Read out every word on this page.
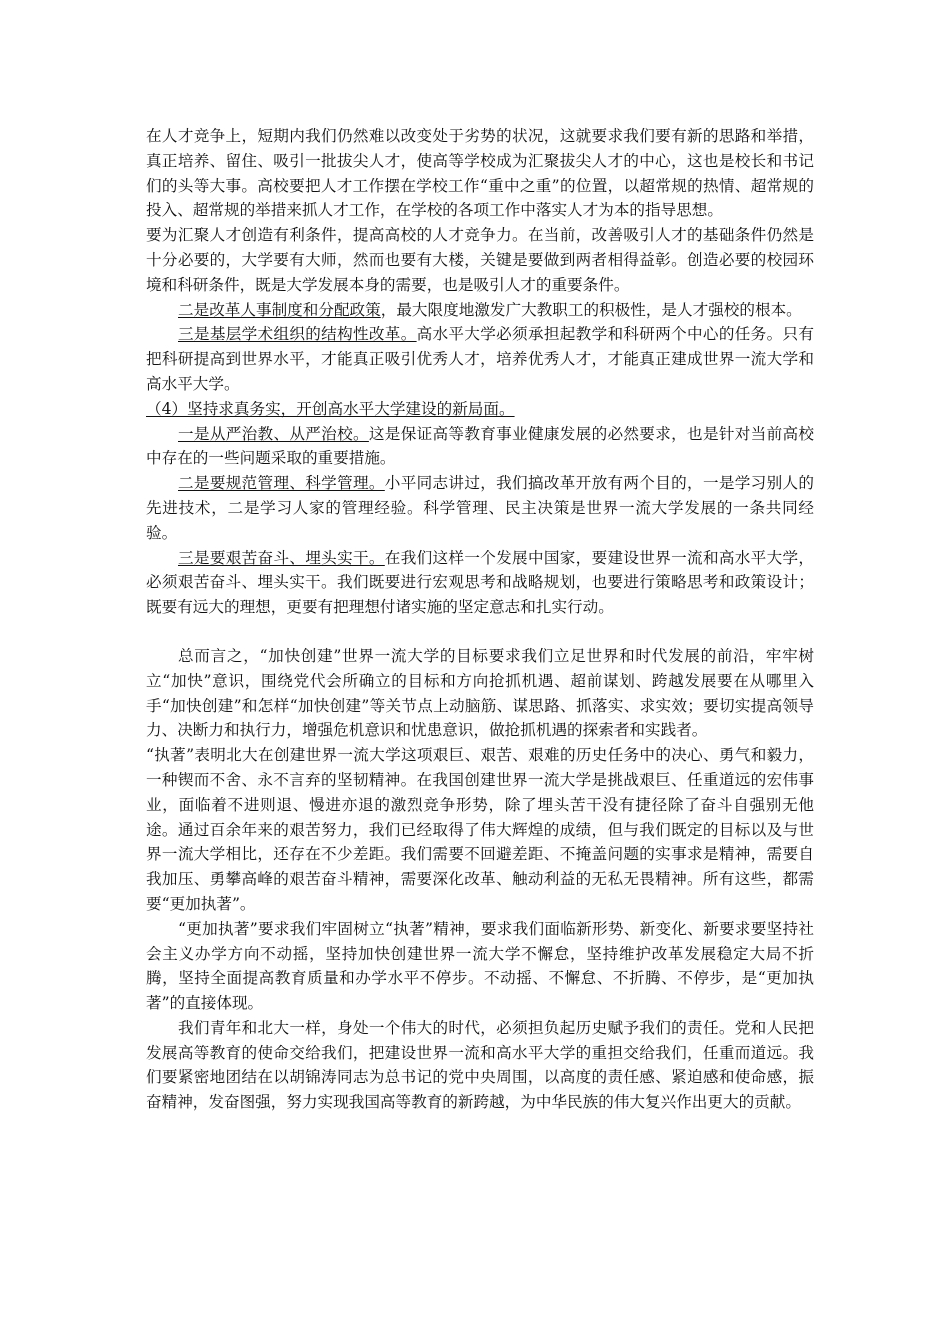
在人才竞争上，短期内我们仍然难以改变处于劣势的状况，这就要求我们要有新的思路和举措，真正培养、留住、吸引一批拔尖人才，使高等学校成为汇聚拔尖人才的中心，这也是校长和书记们的头等大事。高校要把人才工作摆在学校工作“重中之重”的位置，以超常规的热情、超常规的投入、超常规的举措来抓人才工作，在学校的各项工作中落实人才为本的指导思想。

要为汇聚人才创造有利条件，提高高校的人才竞争力。在当前，改善吸引人才的基础条件仍然是十分必要的，大学要有大师，然而也要有大楼，关键是要做到两者相得益彰。创造必要的校园环境和科研条件，既是大学发展本身的需要，也是吸引人才的重要条件。

二是改革人事制度和分配政策，最大限度地激发广大教职工的积极性，是人才强校的根本。

三是基层学术组织的结构性改革。高水平大学必须承担起教学和科研两个中心的任务。只有把科研提高到世界水平，才能真正吸引优秀人才，培养优秀人才，才能真正建成世界一流大学和高水平大学。

（4）坚持求真务实，开创高水平大学建设的新局面。

一是从严治教、从严治校。这是保证高等教育事业健康发展的必然要求，也是针对当前高校中存在的一些问题采取的重要措施。

二是要规范管理、科学管理。小平同志讲过，我们搞改革开放有两个目的，一是学习别人的先进技术，二是学习人家的管理经验。科学管理、民主决策是世界一流大学发展的一条共同经验。

三是要艰苦奋斗、埋头实干。在我们这样一个发展中国家，要建设世界一流和高水平大学，必须艰苦奋斗、埋头实干。我们既要进行宏观思考和战略规划，也要进行策略思考和政策设计；既要有远大的理想，更要有把理想付诸实施的坚定意志和扎实行动。

总而言之，“加快创建”世界一流大学的目标要求我们立足世界和时代发展的前沿，牢牢树立“加快”意识，围绕党代会所确立的目标和方向抢抓机遇、超前谋划、跨越发展要在从哪里入手“加快创建”和怎样“加快创建”等关节点上动脑筋、谋思路、抓落实、求实效；要切实提高领导力、决断力和执行力，增强危机意识和忧患意识，做抢抓机遇的探索者和实践者。

“执著”表明北大在创建世界一流大学这项艰巨、艰苦、艰难的历史任务中的决心、勇气和毅力，一种锲而不舍、永不言弃的坚韧精神。在我国创建世界一流大学是挑战艰巨、任重道远的宏伟事业，面临着不进则退、慢进亦退的激烈竞争形势，除了埋头苦干没有捷径除了奋斗自强别无他途。通过百余年来的艰苦努力，我们已经取得了伟大辉煌的成绩，但与我们既定的目标以及与世界一流大学相比，还存在不少差距。我们需要不回避差距、不掩盖问题的实事求是精神，需要自我加压、勇攀高峰的艰苦奋斗精神，需要深化改革、触动利益的无私无畏精神。所有这些，都需要“更加执著”。

“更加执著”要求我们牢固树立“执著”精神，要求我们面临新形势、新变化、新要求要坚持社会主义办学方向不动摇，坚持加快创建世界一流大学不懈怠，坚持维护改革发展稳定大局不折腾，坚持全面提高教育质量和办学水平不停步。不动摇、不懈怠、不折腾、不停步，是“更加执著”的直接体现。

我们青年和北大一样，身处一个伟大的时代，必须担负起历史赋予我们的责任。党和人民把发展高等教育的使命交给我们，把建设世界一流和高水平大学的重担交给我们，任重而道远。我们要紧密地团结在以胡锦涛同志为总书记的党中央周围，以高度的责任感、紧迫感和使命感，振奋精神，发奋图强，努力实现我国高等教育的新跨越，为中华民族的伟大复兴作出更大的贡献。
